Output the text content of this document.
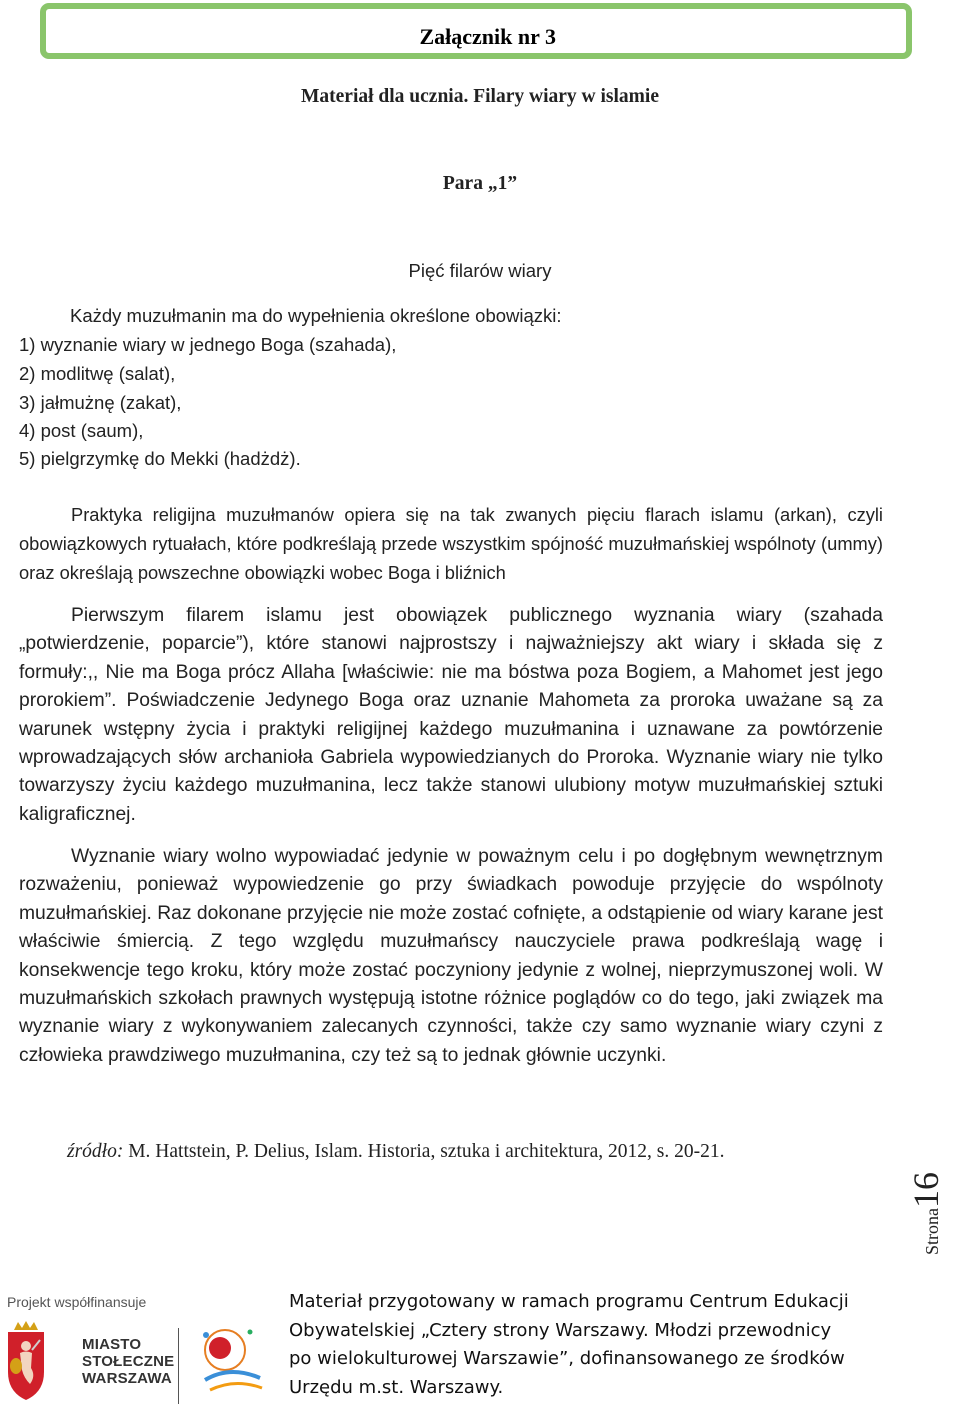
Załącznik nr 3
Materiał dla ucznia. Filary wiary w islamie
Para „1”
Pięć filarów wiary
Każdy muzułmanin ma do wypełnienia określone obowiązki:
1) wyznanie wiary w jednego Boga (szahada),
2) modlitwę (salat),
3) jałmużnę (zakat),
4) post (saum),
5) pielgrzymkę do Mekki (hadżdż).

Praktyka religijna muzułmanów opiera się na tak zwanych pięciu flarach islamu (arkan), czyli obowiązkowych rytuałach, które podkreślają przede wszystkim spójność muzułmańskiej wspólnoty (ummy) oraz określają powszechne obowiązki wobec Boga i bliźnich

Pierwszym filarem islamu jest obowiązek publicznego wyznania wiary (szahada „potwierdzenie, poparcie”), które stanowi najprostszy i najważniejszy akt wiary i składa się z formuły:,, Nie ma Boga prócz Allaha [właściwie: nie ma bóstwa poza Bogiem, a Mahomet jest jego prorokiem”. Poświadczenie Jedynego Boga oraz uznanie Mahometa za proroka uważane są za warunek wstępny życia i praktyki religijnej każdego muzułmanina i uznawane za powtórzenie wprowadzających słów archanioła Gabriela wypowiedzianych do Proroka. Wyznanie wiary nie tylko towarzyszy życiu każdego muzułmanina, lecz także stanowi ulubiony motyw muzułmańskiej sztuki kaligraficznej.

Wyznanie wiary wolno wypowiadać jedynie w poważnym celu i po dogłębnym wewnętrznym rozważeniu, ponieważ wypowiedzenie go przy świadkach powoduje przyjęcie do wspólnoty muzułmańskiej. Raz dokonane przyjęcie nie może zostać cofnięte, a odstąpienie od wiary karane jest właściwie śmiercią. Z tego względu muzułmańscy nauczyciele prawa podkreślają wagę i konsekwencje tego kroku, który może zostać poczyniony jedynie z wolnej, nieprzymuszonej woli. W muzułmańskich szkołach prawnych występują istotne różnice poglądów co do tego, jaki związek ma wyznanie wiary z wykonywaniem zalecanych czynności, także czy samo wyznanie wiary czyni z człowieka prawdziwego muzułmanina, czy też są to jednak głównie uczynki.

źródło: M. Hattstein, P. Delius, Islam. Historia, sztuka i architektura, 2012, s. 20-21.
Strona16
Projekt współfinansuje
MIASTO
STOŁECZNE
WARSZAWA
Materiał przygotowany w ramach programu Centrum Edukacji
Obywatelskiej „Cztery strony Warszawy. Młodzi przewodnicy
po wielokulturowej Warszawie”, dofinansowanego ze środków
Urzędu m.st. Warszawy.
